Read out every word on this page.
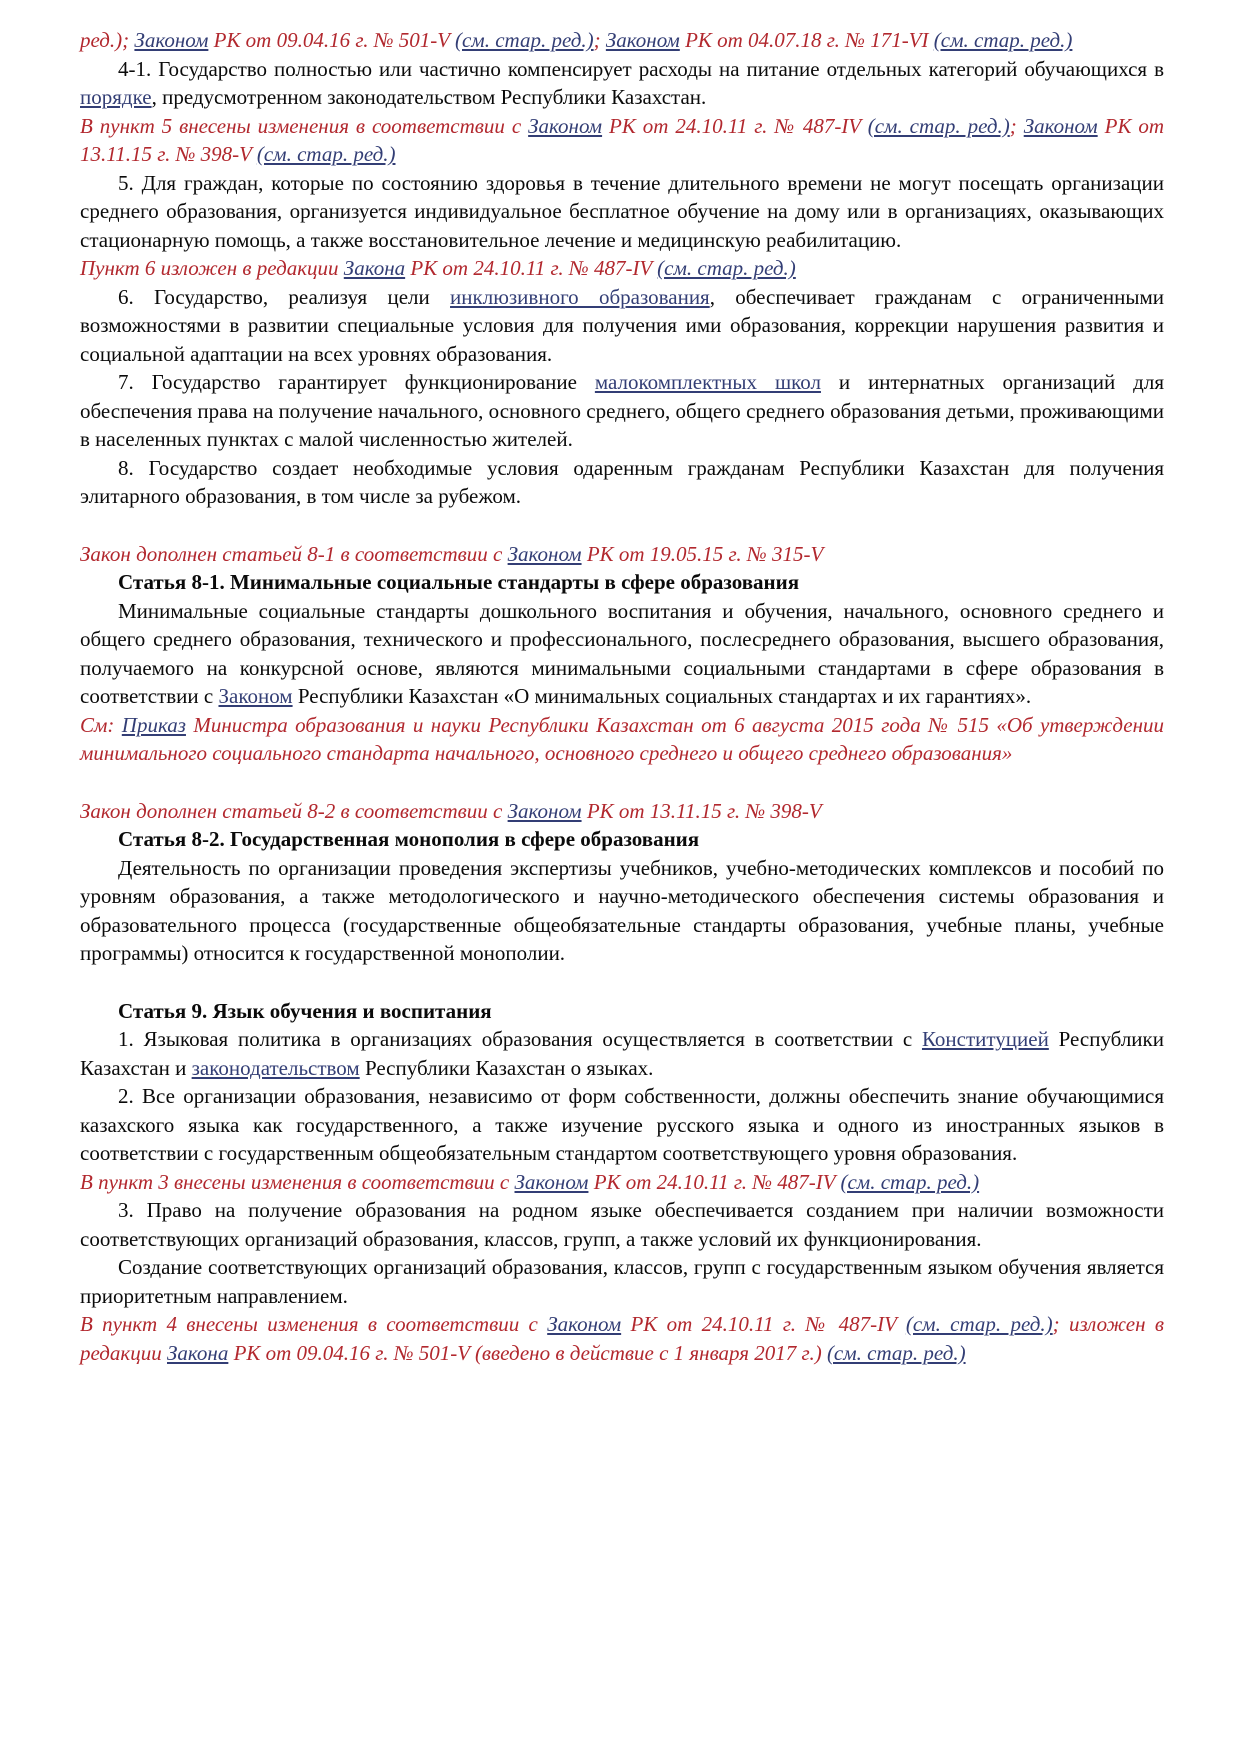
ред.); Законом РК от 09.04.16 г. № 501-V (см. стар. ред.); Законом РК от 04.07.18 г. № 171-VI (см. стар. ред.)

4-1. Государство полностью или частично компенсирует расходы на питание отдельных категорий обучающихся в порядке, предусмотренном законодательством Республики Казахстан.

В пункт 5 внесены изменения в соответствии с Законом РК от 24.10.11 г. № 487-IV (см. стар. ред.); Законом РК от 13.11.15 г. № 398-V (см. стар. ред.)

5. Для граждан, которые по состоянию здоровья в течение длительного времени не могут посещать организации среднего образования, организуется индивидуальное бесплатное обучение на дому или в организациях, оказывающих стационарную помощь, а также восстановительное лечение и медицинскую реабилитацию.

Пункт 6 изложен в редакции Закона РК от 24.10.11 г. № 487-IV (см. стар. ред.)

6. Государство, реализуя цели инклюзивного образования, обеспечивает гражданам с ограниченными возможностями в развитии специальные условия для получения ими образования, коррекции нарушения развития и социальной адаптации на всех уровнях образования.

7. Государство гарантирует функционирование малокомплектных школ и интернатных организаций для обеспечения права на получение начального, основного среднего, общего среднего образования детьми, проживающими в населенных пунктах с малой численностью жителей.

8. Государство создает необходимые условия одаренным гражданам Республики Казахстан для получения элитарного образования, в том числе за рубежом.

Закон дополнен статьей 8-1 в соответствии с Законом РК от 19.05.15 г. № 315-V

Статья 8-1. Минимальные социальные стандарты в сфере образования

Минимальные социальные стандарты дошкольного воспитания и обучения, начального, основного среднего и общего среднего образования, технического и профессионального, послесреднего образования, высшего образования, получаемого на конкурсной основе, являются минимальными социальными стандартами в сфере образования в соответствии с Законом Республики Казахстан «О минимальных социальных стандартах и их гарантиях».

См: Приказ Министра образования и науки Республики Казахстан от 6 августа 2015 года № 515 «Об утверждении минимального социального стандарта начального, основного среднего и общего среднего образования»

Закон дополнен статьей 8-2 в соответствии с Законом РК от 13.11.15 г. № 398-V

Статья 8-2. Государственная монополия в сфере образования

Деятельность по организации проведения экспертизы учебников, учебно-методических комплексов и пособий по уровням образования, а также методологического и научно-методического обеспечения системы образования и образовательного процесса (государственные общеобязательные стандарты образования, учебные планы, учебные программы) относится к государственной монополии.

Статья 9. Язык обучения и воспитания

1. Языковая политика в организациях образования осуществляется в соответствии с Конституцией Республики Казахстан и законодательством Республики Казахстан о языках.

2. Все организации образования, независимо от форм собственности, должны обеспечить знание обучающимися казахского языка как государственного, а также изучение русского языка и одного из иностранных языков в соответствии с государственным общеобязательным стандартом соответствующего уровня образования.

В пункт 3 внесены изменения в соответствии с Законом РК от 24.10.11 г. № 487-IV (см. стар. ред.)

3. Право на получение образования на родном языке обеспечивается созданием при наличии возможности соответствующих организаций образования, классов, групп, а также условий их функционирования.

Создание соответствующих организаций образования, классов, групп с государственным языком обучения является приоритетным направлением.

В пункт 4 внесены изменения в соответствии с Законом РК от 24.10.11 г. № 487-IV (см. стар. ред.); изложен в редакции Закона РК от 09.04.16 г. № 501-V (введено в действие с 1 января 2017 г.) (см. стар. ред.)
